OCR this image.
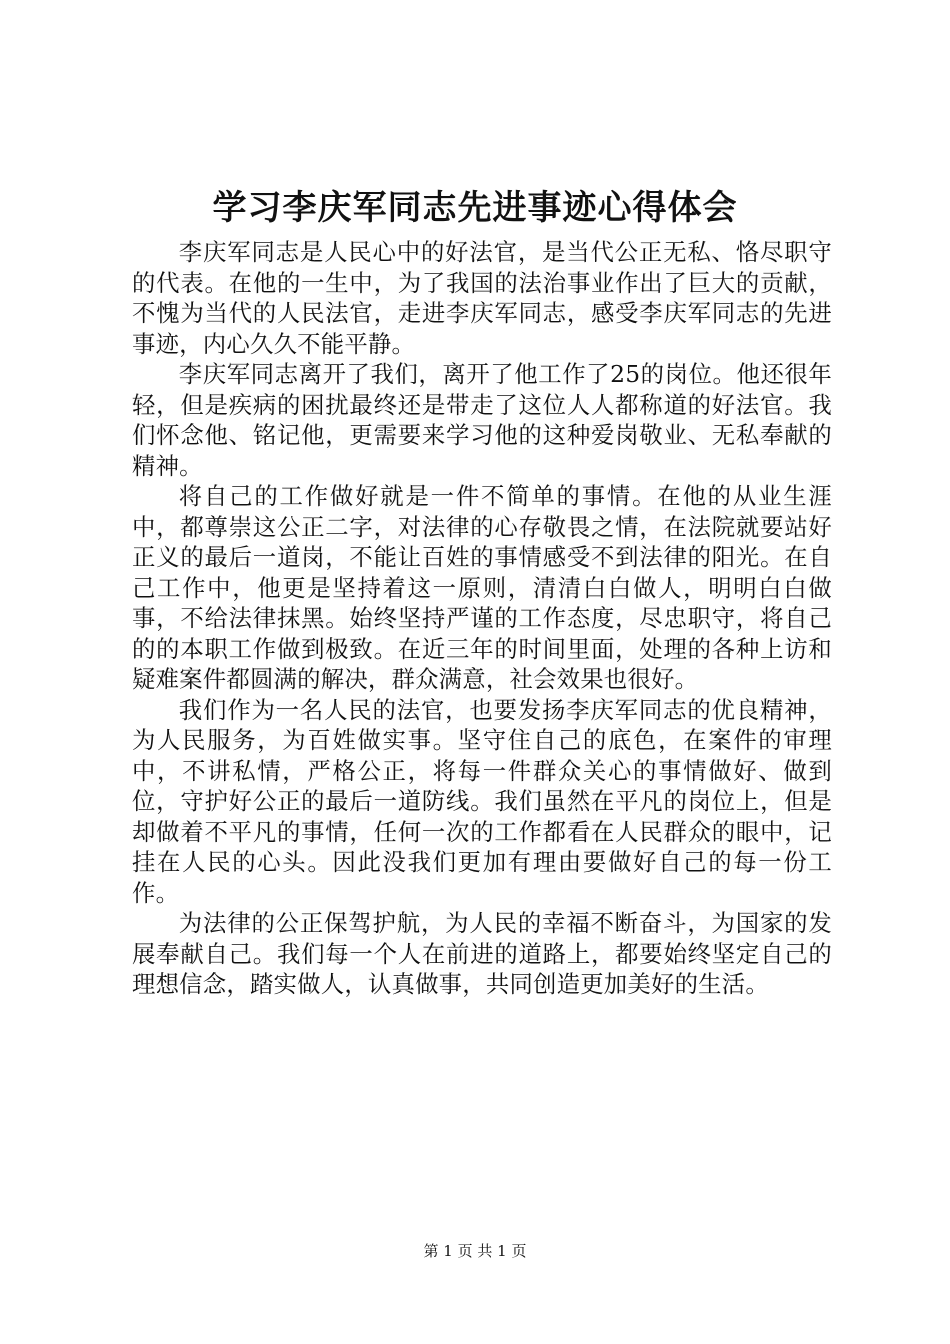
学习李庆军同志先进事迹心得体会

李庆军同志是人民心中的好法官，是当代公正无私、恪尽职守的代表。在他的一生中，为了我国的法治事业作出了巨大的贡献，不愧为当代的人民法官，走进李庆军同志，感受李庆军同志的先进事迹，内心久久不能平静。

李庆军同志离开了我们，离开了他工作了25的岗位。他还很年轻，但是疾病的困扰最终还是带走了这位人人都称道的好法官。我们怀念他、铭记他，更需要来学习他的这种爱岗敬业、无私奉献的精神。

将自己的工作做好就是一件不简单的事情。在他的从业生涯中，都尊崇这公正二字，对法律的心存敬畏之情，在法院就要站好正义的最后一道岗，不能让百姓的事情感受不到法律的阳光。在自己工作中，他更是坚持着这一原则，清清白白做人，明明白白做事，不给法律抹黑。始终坚持严谨的工作态度，尽忠职守，将自己的的本职工作做到极致。在近三年的时间里面，处理的各种上访和疑难案件都圆满的解决，群众满意，社会效果也很好。

我们作为一名人民的法官，也要发扬李庆军同志的优良精神，为人民服务，为百姓做实事。坚守住自己的底色，在案件的审理中，不讲私情，严格公正，将每一件群众关心的事情做好、做到位，守护好公正的最后一道防线。我们虽然在平凡的岗位上，但是却做着不平凡的事情，任何一次的工作都看在人民群众的眼中，记挂在人民的心头。因此没我们更加有理由要做好自己的每一份工作。

为法律的公正保驾护航，为人民的幸福不断奋斗，为国家的发展奉献自己。我们每一个人在前进的道路上，都要始终坚定自己的理想信念，踏实做人，认真做事，共同创造更加美好的生活。

第 1 页 共 1 页
